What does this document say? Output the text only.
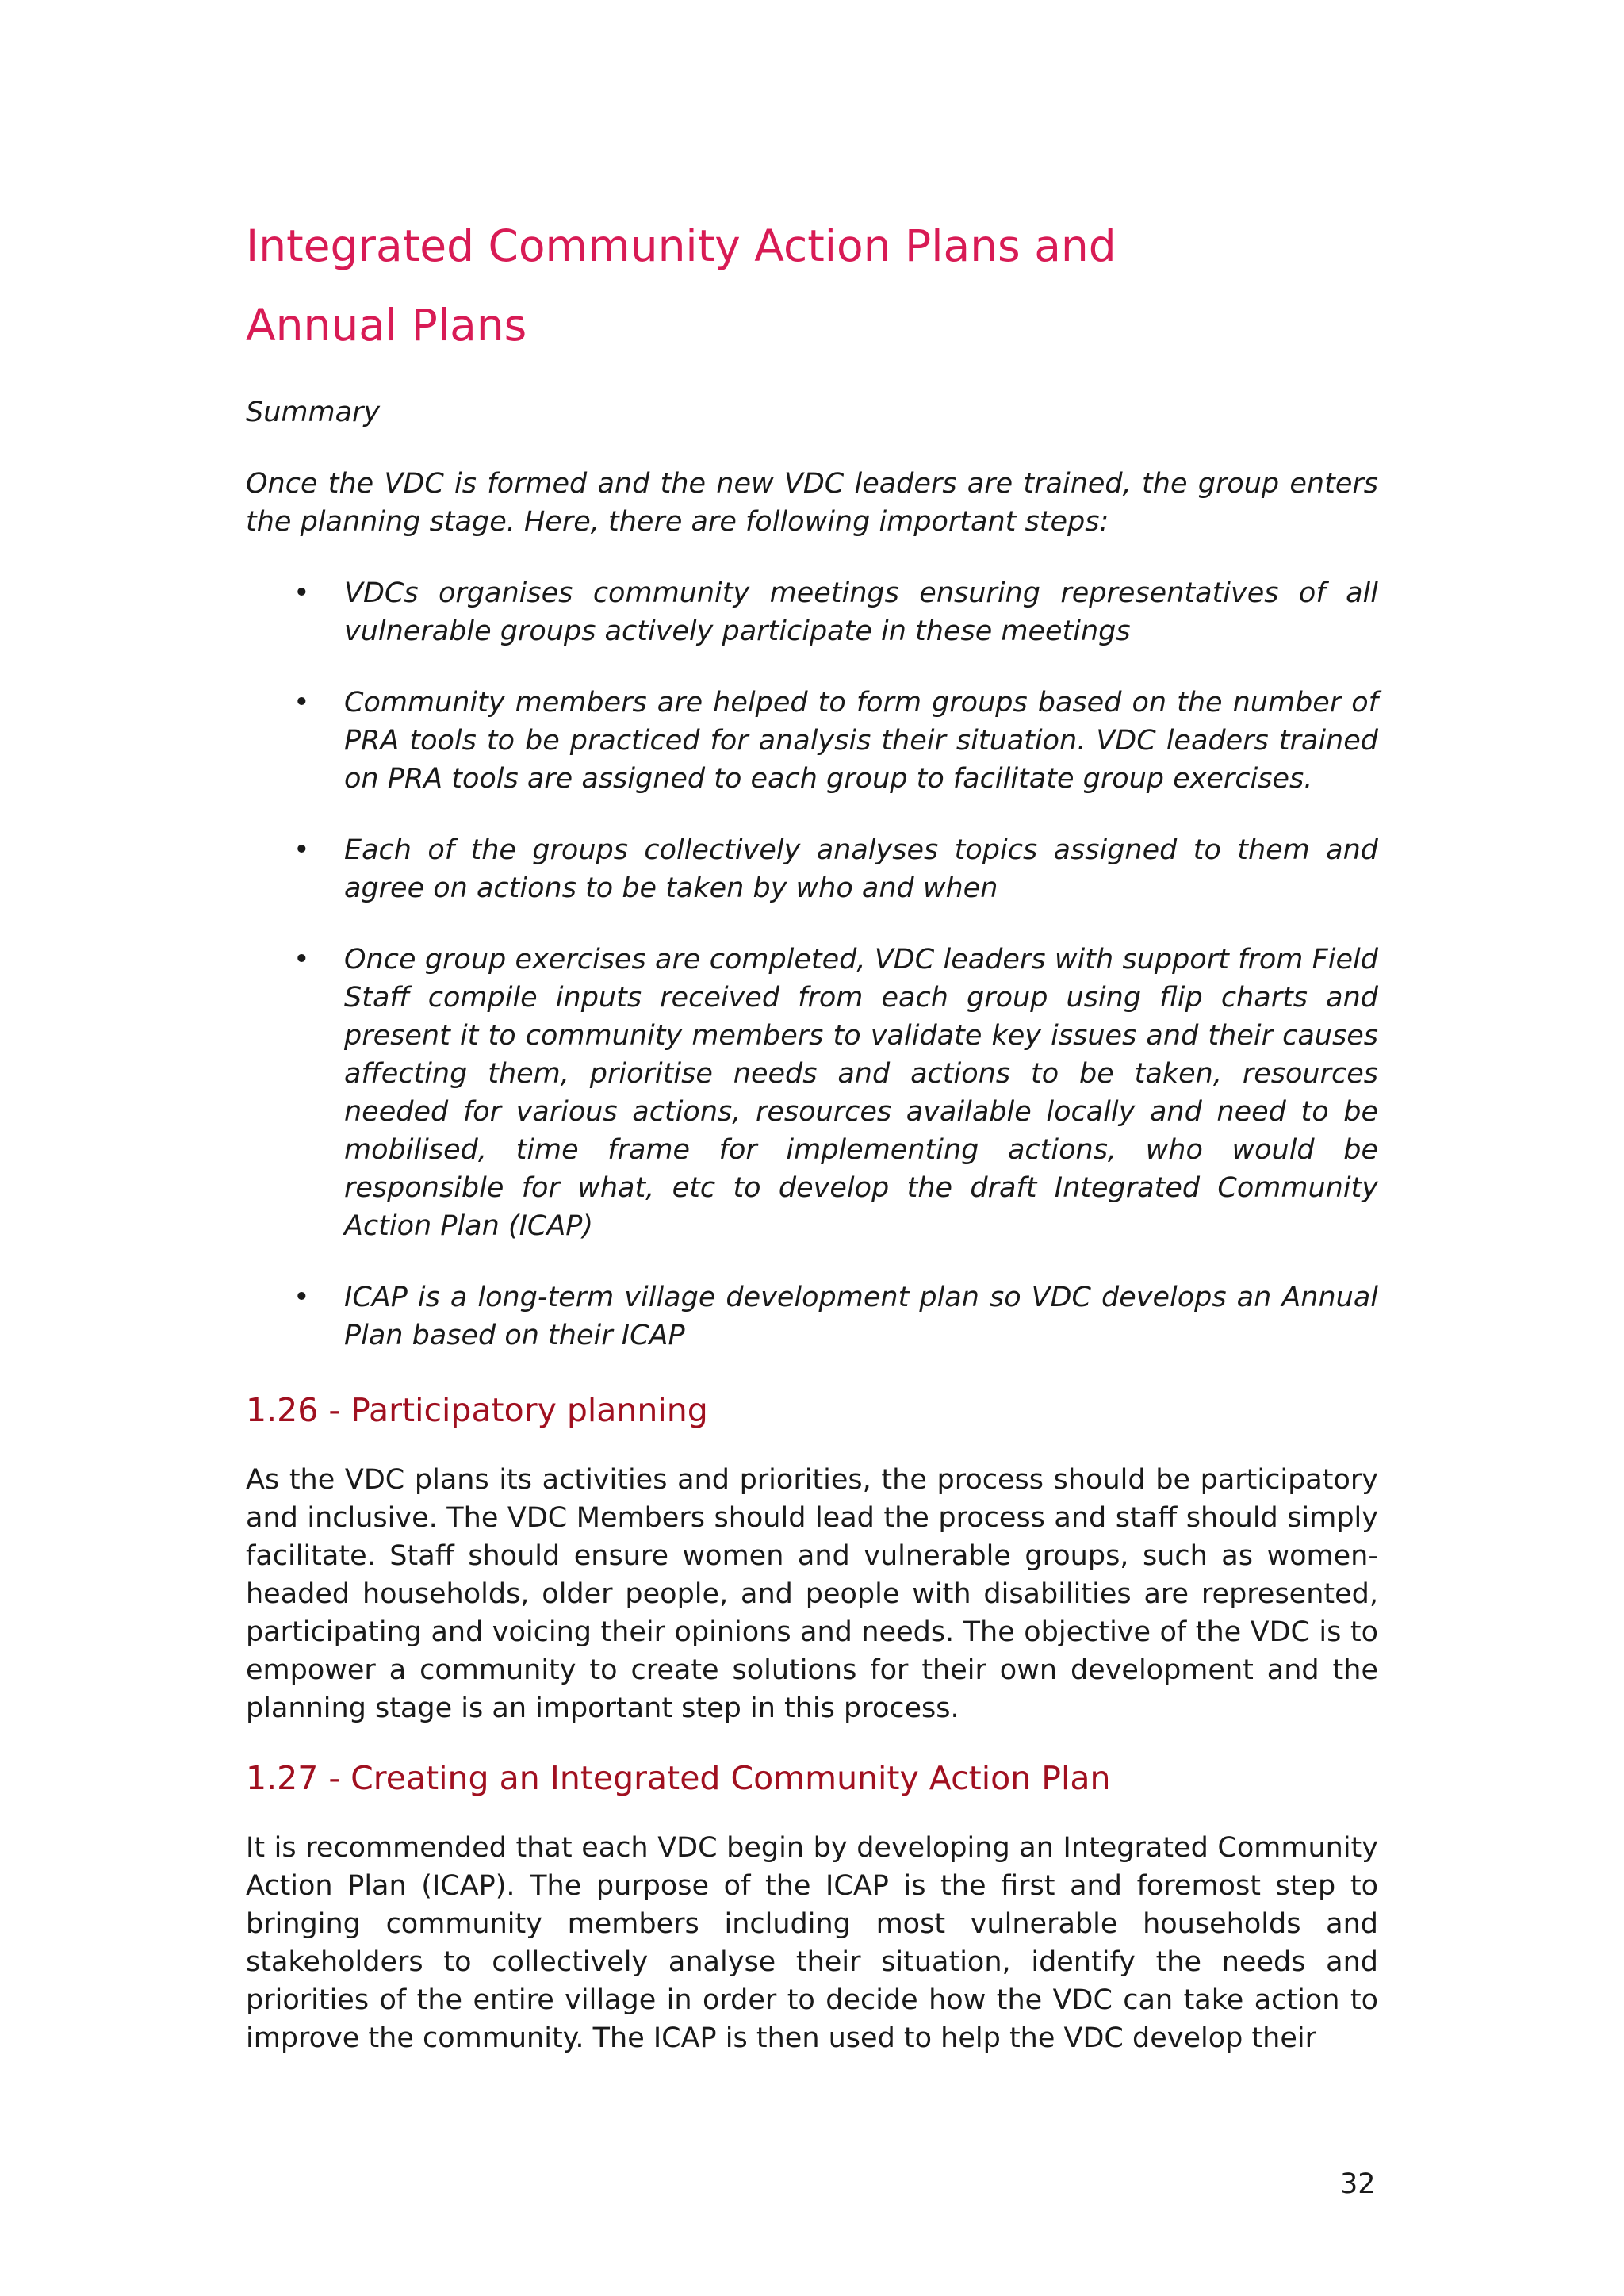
Integrated Community Action Plans and
Annual Plans
Summary

Once the VDC is formed and the new VDC leaders are trained, the group enters the planning stage. Here, there are following important steps:

• VDCs organises community meetings ensuring representatives of all vulnerable groups actively participate in these meetings
• Community members are helped to form groups based on the number of PRA tools to be practiced for analysis their situation. VDC leaders trained on PRA tools are assigned to each group to facilitate group exercises.
• Each of the groups collectively analyses topics assigned to them and agree on actions to be taken by who and when
• Once group exercises are completed, VDC leaders with support from Field Staff compile inputs received from each group using flip charts and present it to community members to validate key issues and their causes affecting them, prioritise needs and actions to be taken, resources needed for various actions, resources available locally and need to be mobilised, time frame for implementing actions, who would be responsible for what, etc to develop the draft Integrated Community Action Plan (ICAP)
• ICAP is a long-term village development plan so VDC develops an Annual Plan based on their ICAP
1.26 - Participatory planning

As the VDC plans its activities and priorities, the process should be participatory and inclusive. The VDC Members should lead the process and staff should simply facilitate. Staff should ensure women and vulnerable groups, such as women-headed households, older people, and people with disabilities are represented, participating and voicing their opinions and needs. The objective of the VDC is to empower a community to create solutions for their own development and the planning stage is an important step in this process.

1.27 - Creating an Integrated Community Action Plan

It is recommended that each VDC begin by developing an Integrated Community Action Plan (ICAP). The purpose of the ICAP is the first and foremost step to bringing community members including most vulnerable households and stakeholders to collectively analyse their situation, identify the needs and priorities of the entire village in order to decide how the VDC can take action to improve the community. The ICAP is then used to help the VDC develop their

32
